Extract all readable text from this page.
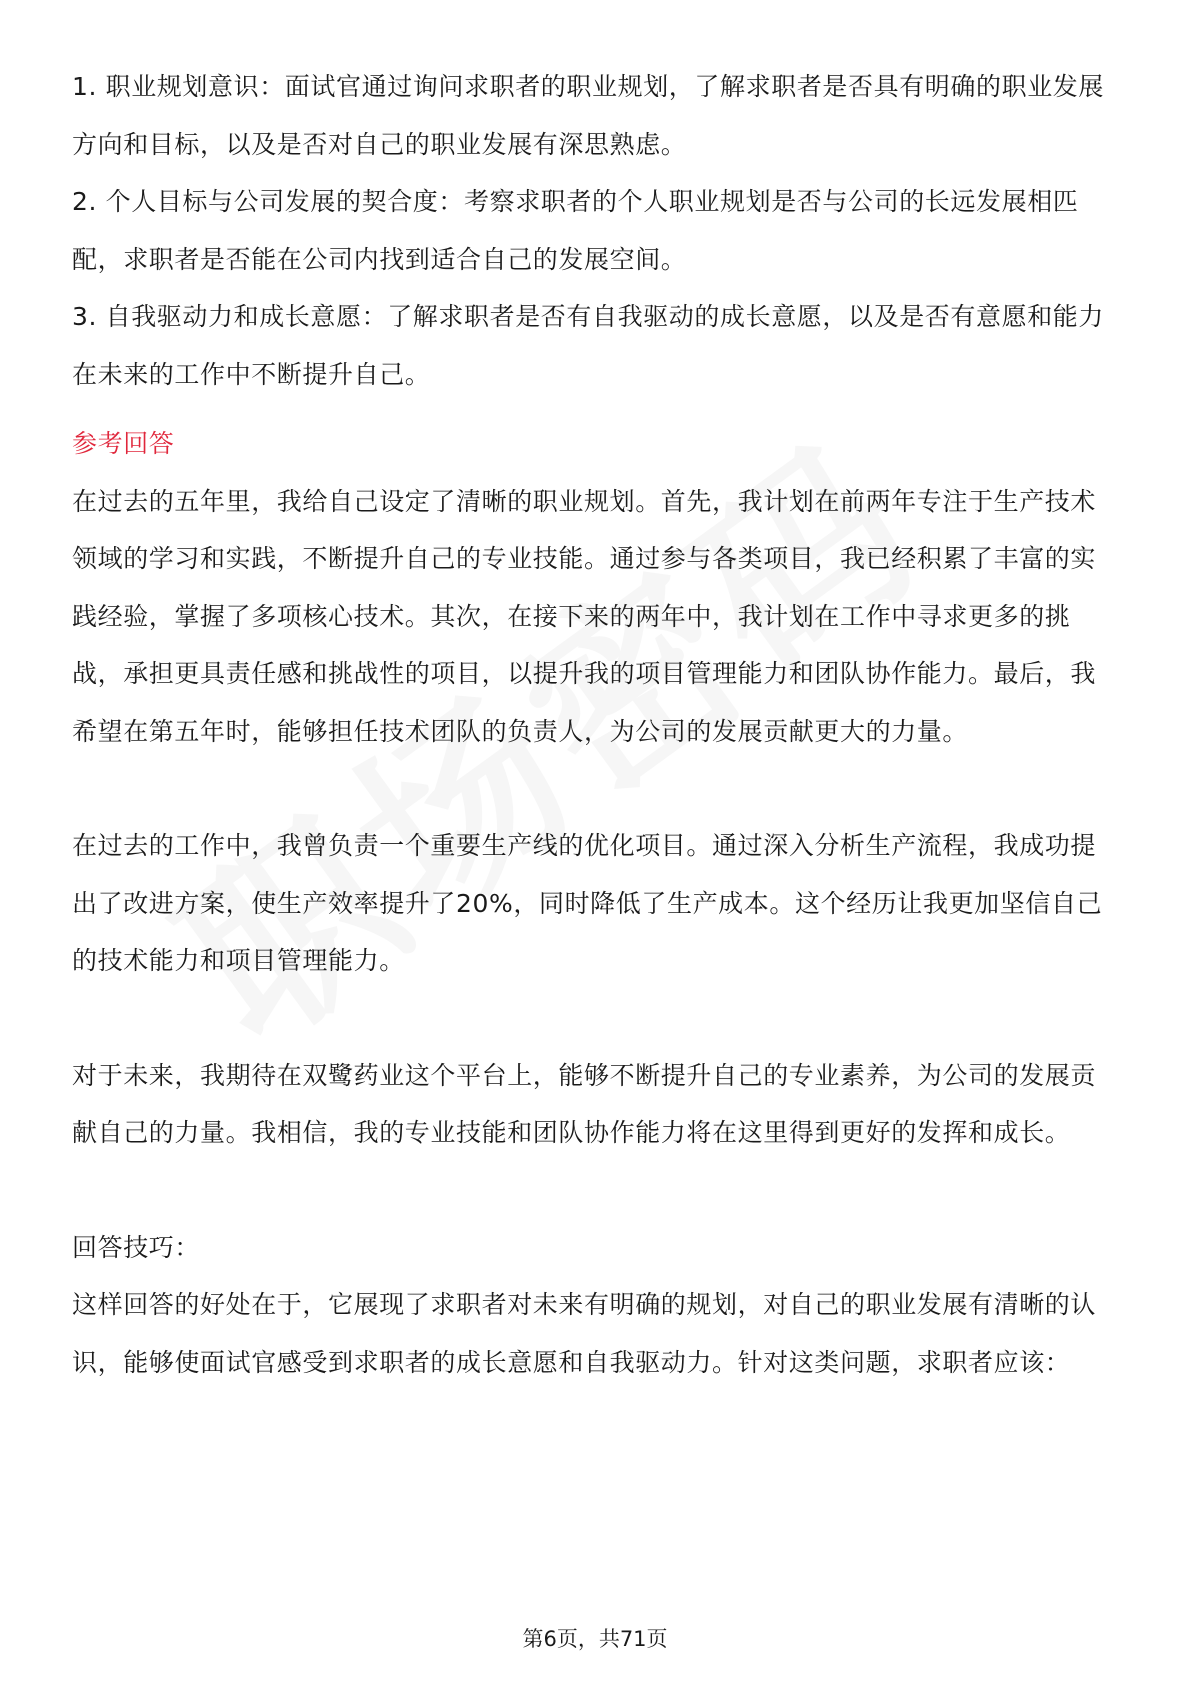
1. 职业规划意识：面试官通过询问求职者的职业规划，了解求职者是否具有明确的职业发展方向和目标，以及是否对自己的职业发展有深思熟虑。

2. 个人目标与公司发展的契合度：考察求职者的个人职业规划是否与公司的长远发展相匹配，求职者是否能在公司内找到适合自己的发展空间。

3. 自我驱动力和成长意愿：了解求职者是否有自我驱动的成长意愿，以及是否有意愿和能力在未来的工作中不断提升自己。

参考回答

在过去的五年里，我给自己设定了清晰的职业规划。首先，我计划在前两年专注于生产技术领域的学习和实践，不断提升自己的专业技能。通过参与各类项目，我已经积累了丰富的实践经验，掌握了多项核心技术。其次，在接下来的两年中，我计划在工作中寻求更多的挑战，承担更具责任感和挑战性的项目，以提升我的项目管理能力和团队协作能力。最后，我希望在第五年时，能够担任技术团队的负责人，为公司的发展贡献更大的力量。

在过去的工作中，我曾负责一个重要生产线的优化项目。通过深入分析生产流程，我成功提出了改进方案，使生产效率提升了20%，同时降低了生产成本。这个经历让我更加坚信自己的技术能力和项目管理能力。

对于未来，我期待在双鹭药业这个平台上，能够不断提升自己的专业素养，为公司的发展贡献自己的力量。我相信，我的专业技能和团队协作能力将在这里得到更好的发挥和成长。

回答技巧：

这样回答的好处在于，它展现了求职者对未来有明确的规划，对自己的职业发展有清晰的认识，能够使面试官感受到求职者的成长意愿和自我驱动力。针对这类问题，求职者应该：

第6页，共71页
